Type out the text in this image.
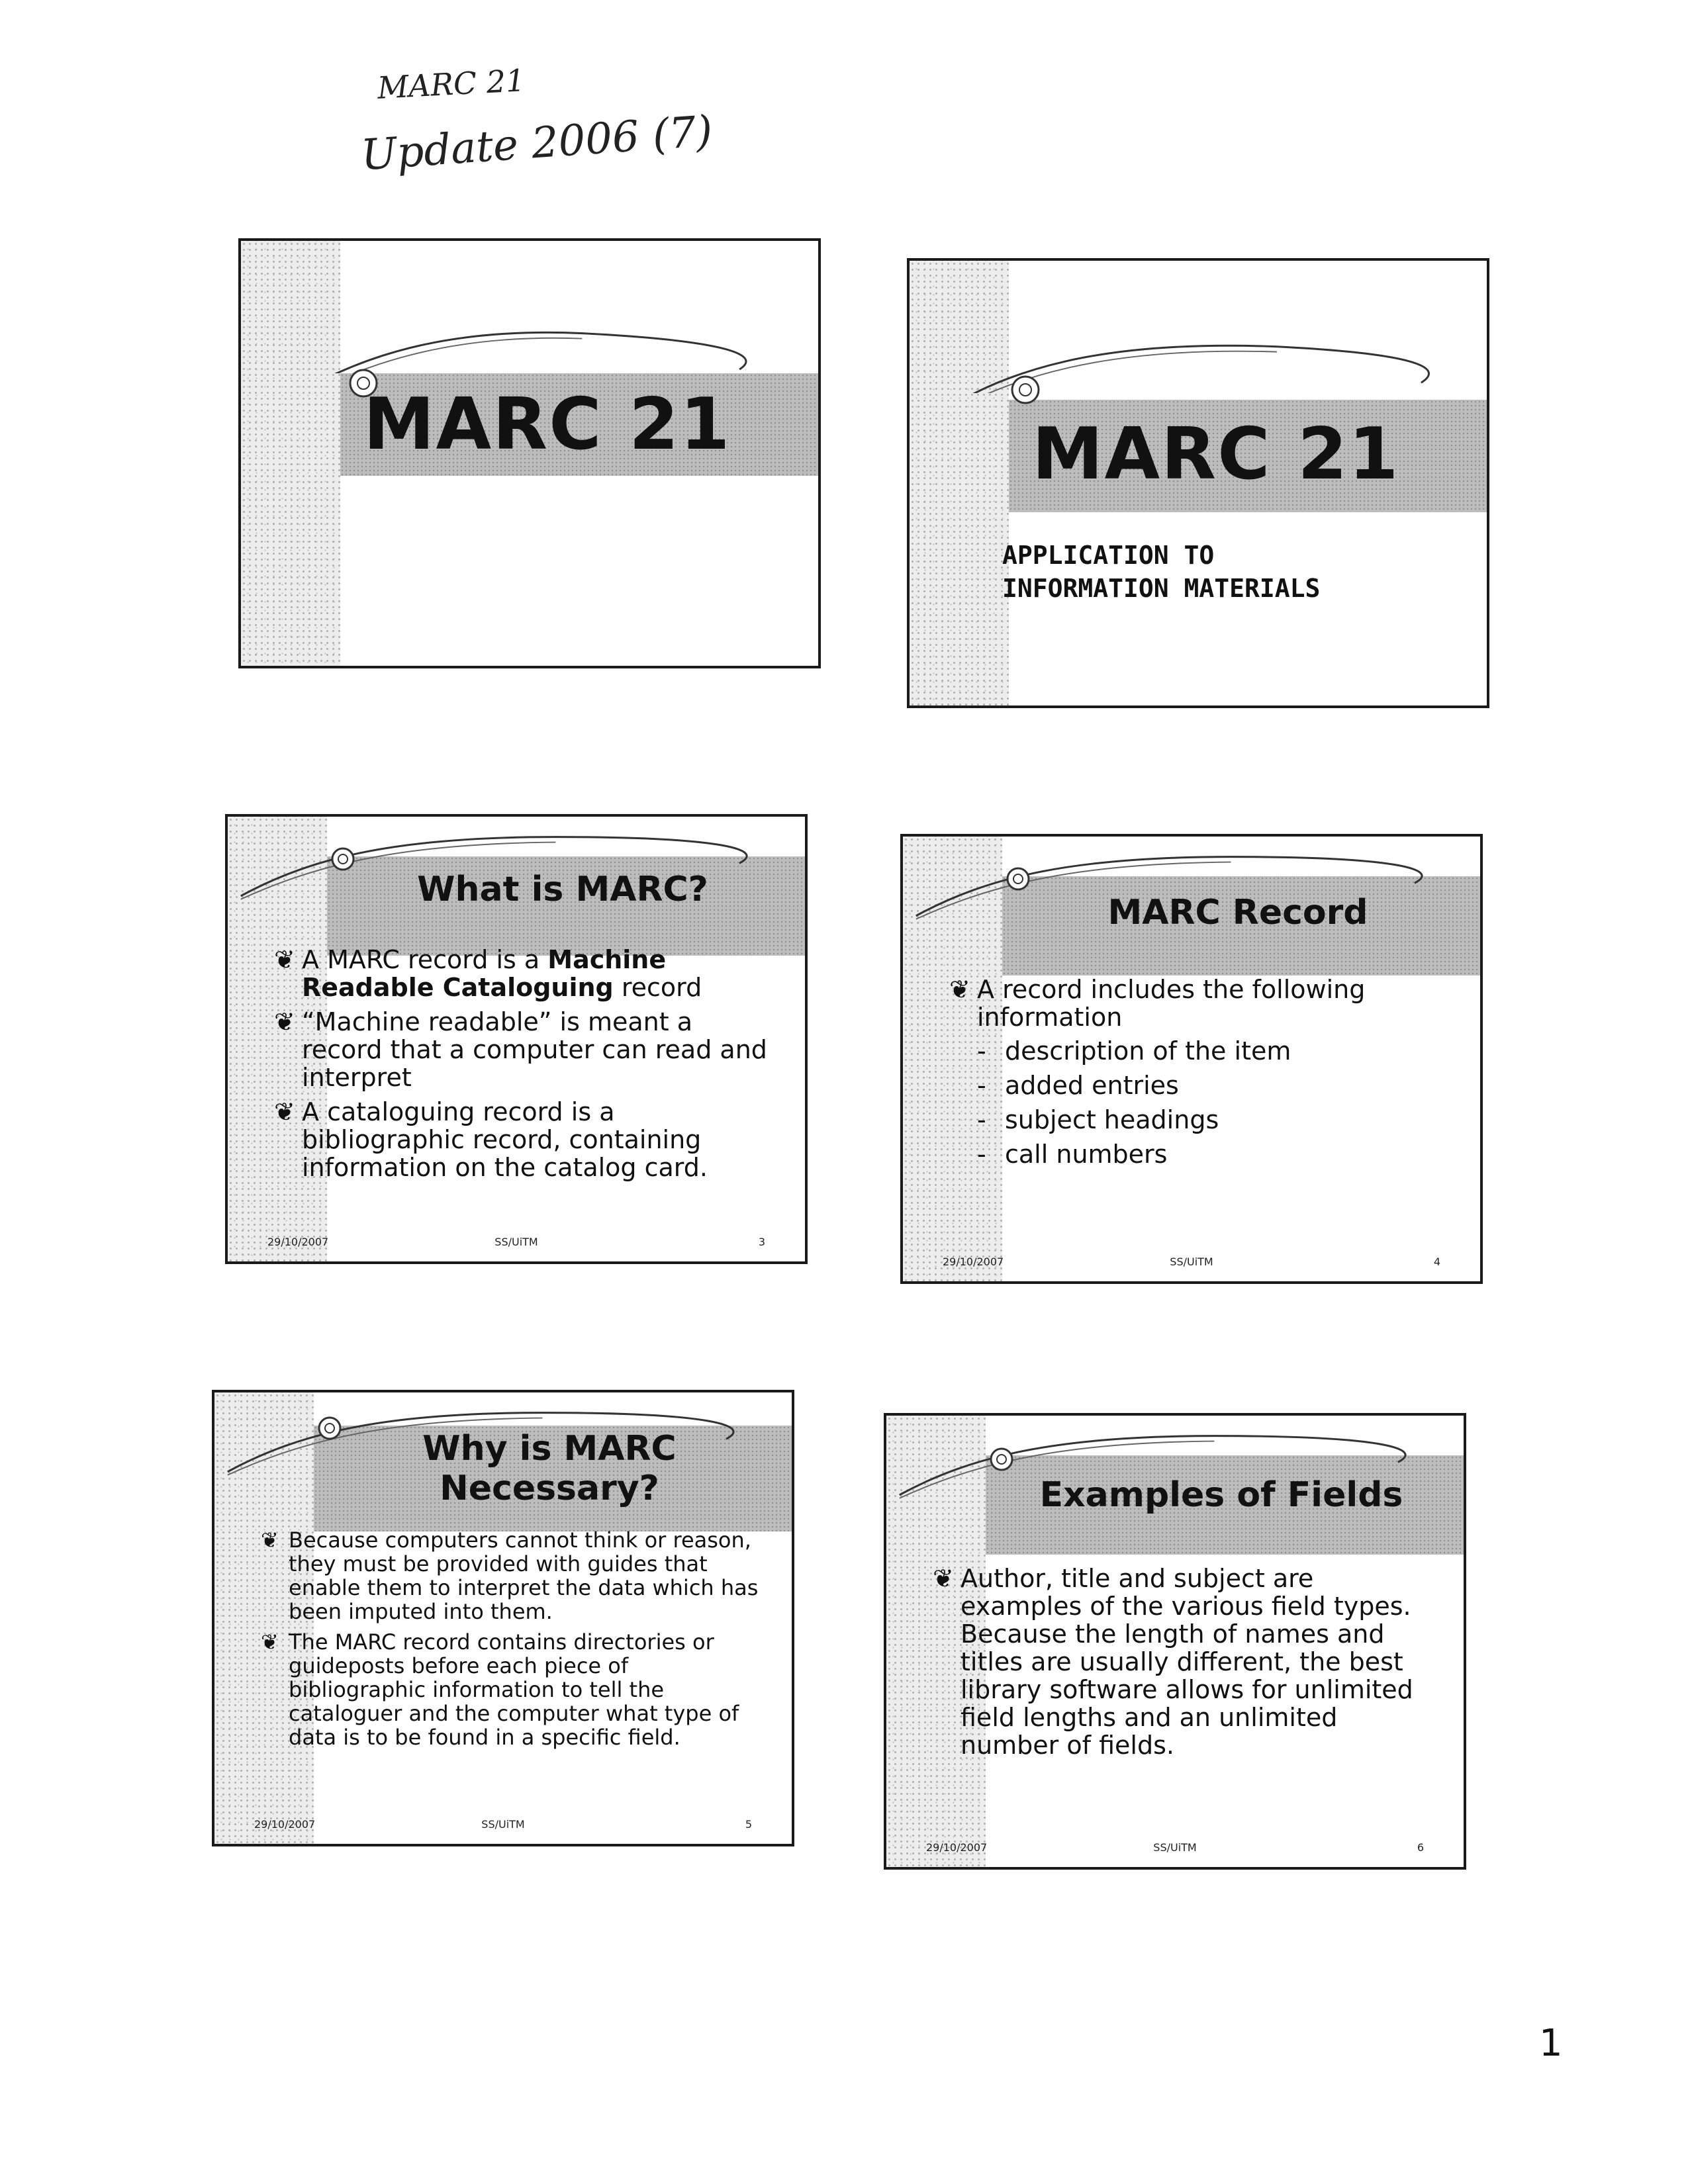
MARC 21
Update 2006 (7)
MARC 21	MARC 21
APPLICATION TO
INFORMATION MATERIALS
What is MARC?
❦ A MARC record is a Machine Readable Cataloguing record
❦ “Machine readable” is meant a record that a computer can read and interpret
❦ A cataloguing record is a bibliographic record, containing information on the catalog card.
29/10/2007	SS/UiTM	3
MARC Record
❦ A record includes the following information
- description of the item
- added entries
- subject headings
- call numbers
29/10/2007	SS/UiTM	4
Why is MARC
Necessary?
❦ Because computers cannot think or reason, they must be provided with guides that enable them to interpret the data which has been imputed into them.
❦ The MARC record contains directories or guideposts before each piece of bibliographic information to tell the cataloguer and the computer what type of data is to be found in a specific field.
29/10/2007	SS/UiTM	5
Examples of Fields
❦ Author, title and subject are examples of the various field types. Because the length of names and titles are usually different, the best library software allows for unlimited field lengths and an unlimited number of fields.
29/10/2007	SS/UiTM	6
1
